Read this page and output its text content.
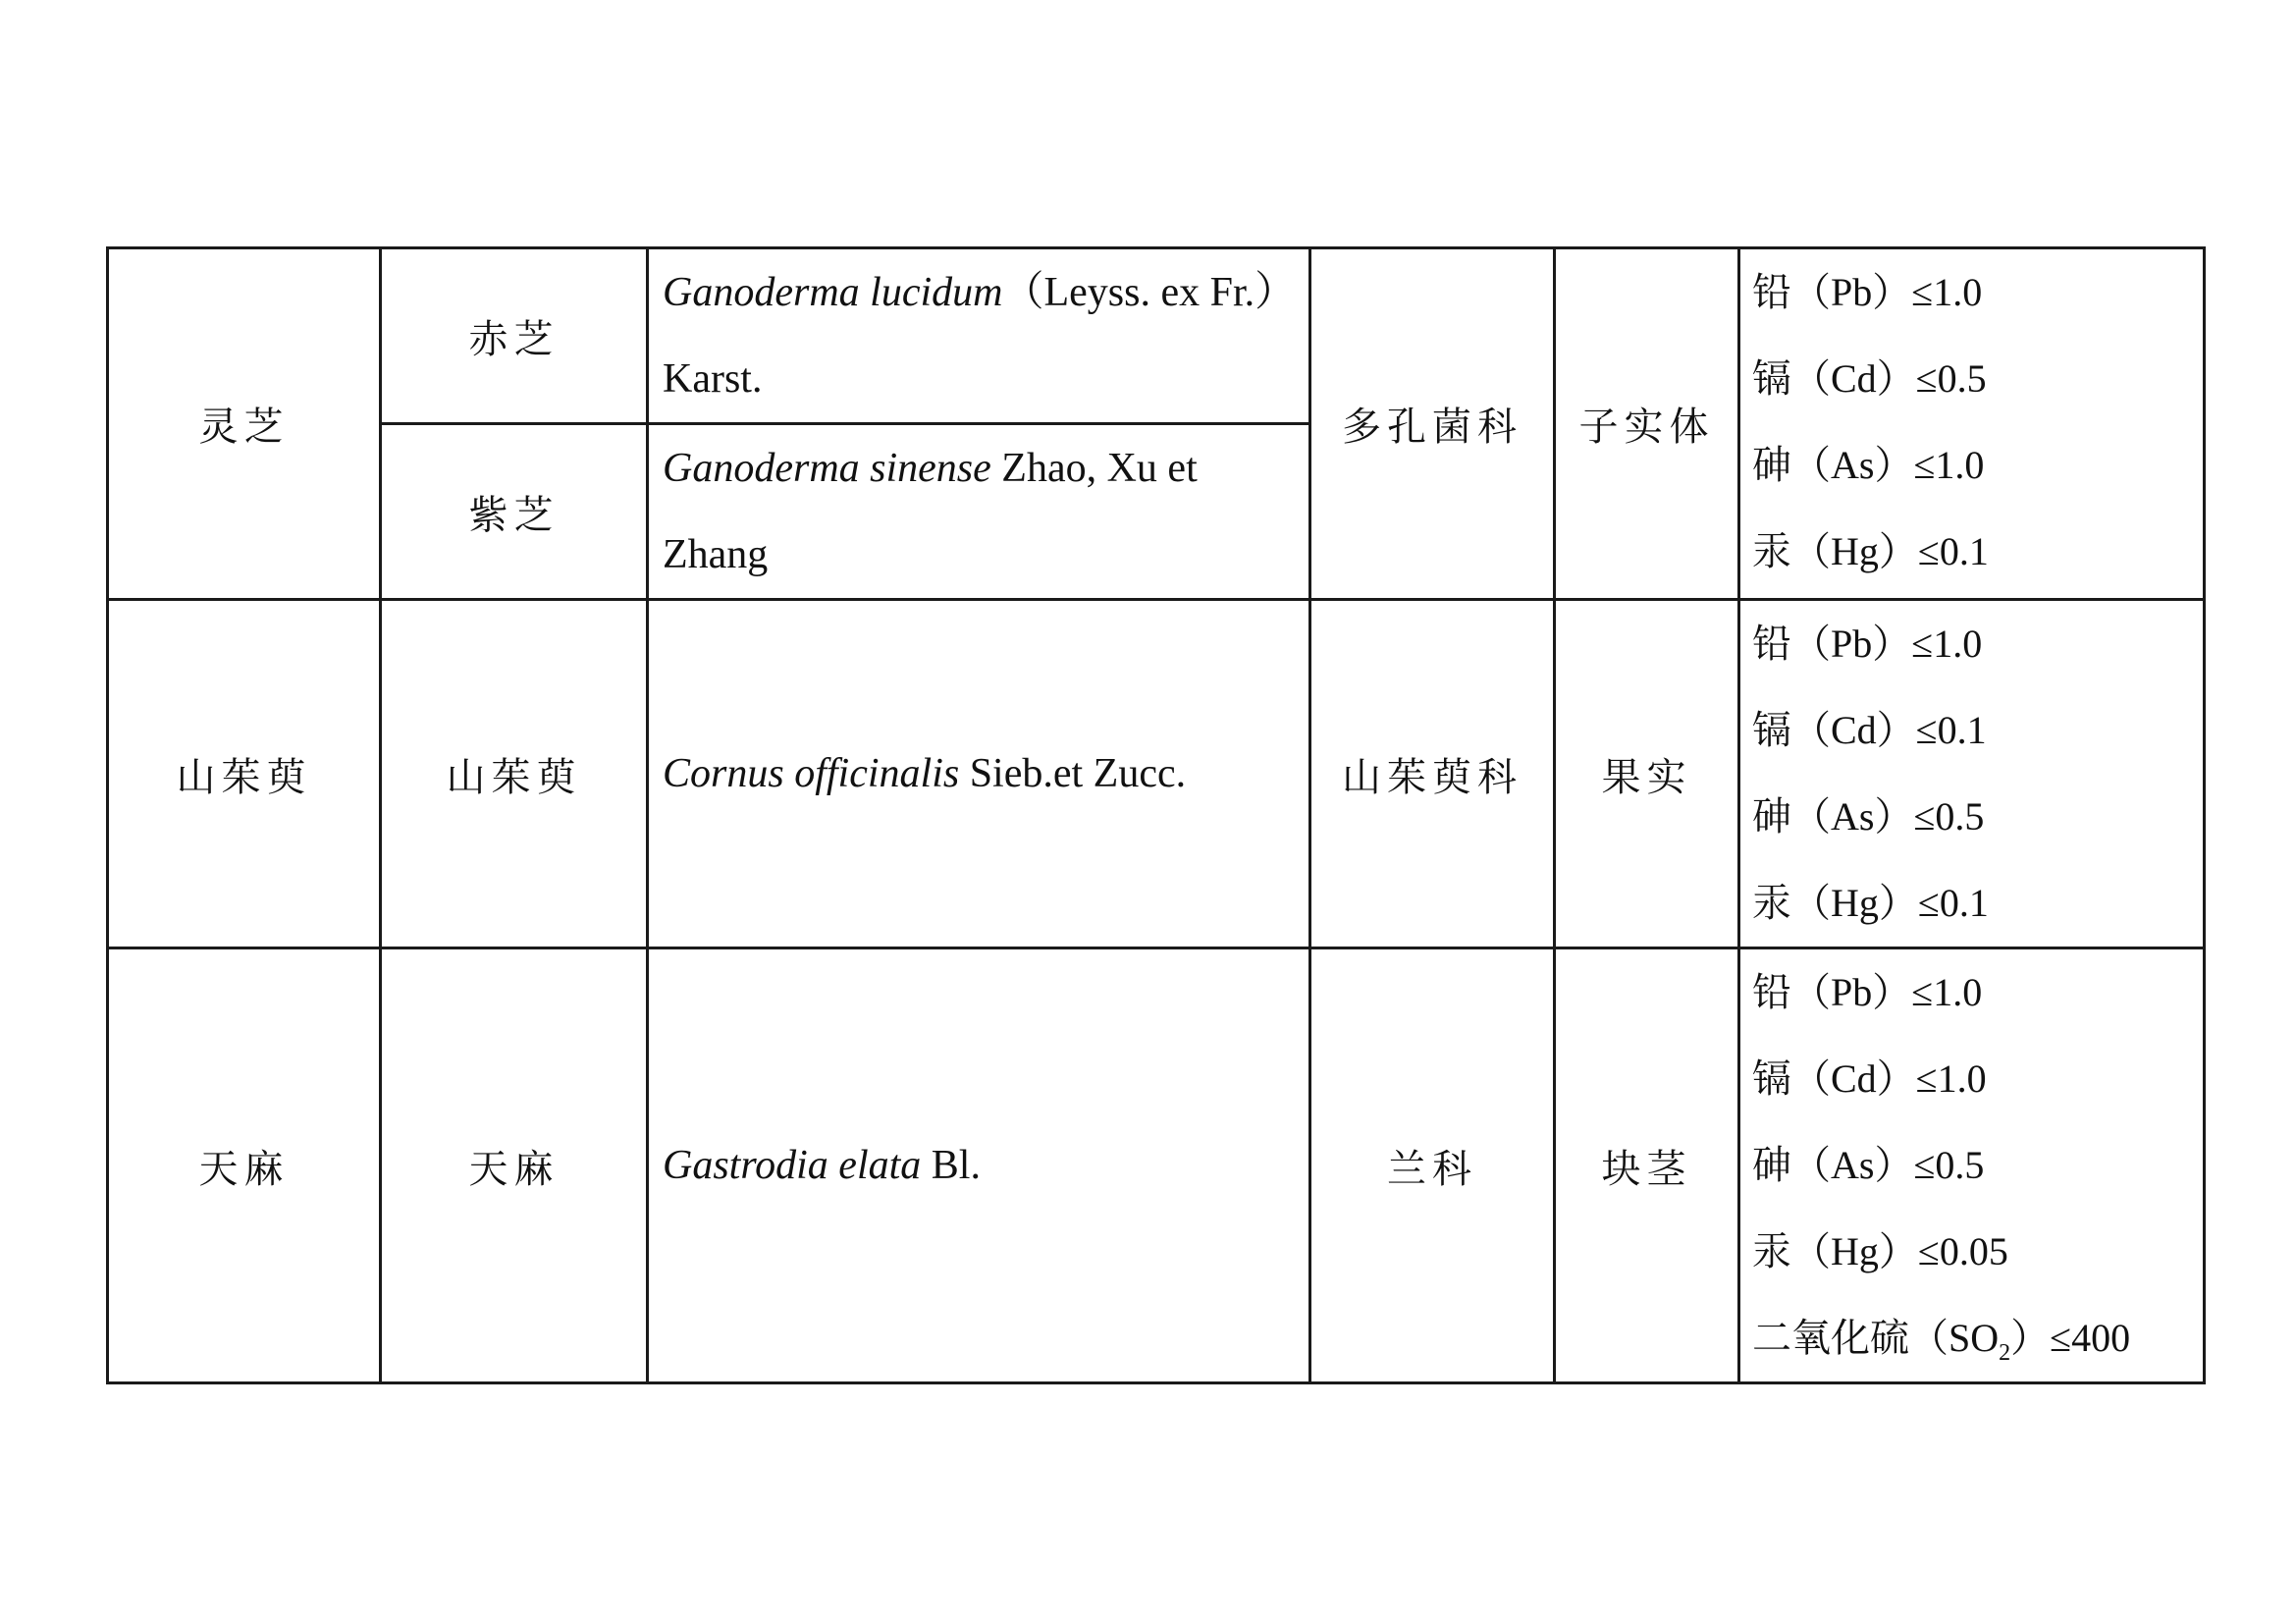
灵芝	赤芝	Ganoderma lucidum（Leyss. ex Fr.）Karst.	多孔菌科	子实体	铅（Pb）≤1.0
镉（Cd）≤0.5
砷（As）≤1.0
汞（Hg）≤0.1

	紫芝	Ganoderma sinense Zhao, Xu et Zhang			
山茱萸	山茱萸	Cornus officinalis Sieb.et Zucc.	山茱萸科	果实	铅（Pb）≤1.0
镉（Cd）≤0.1
砷（As）≤0.5
汞（Hg）≤0.1

天麻	天麻	Gastrodia elata Bl.	兰科	块茎	铅（Pb）≤1.0
镉（Cd）≤1.0
砷（As）≤0.5
汞（Hg）≤0.05
二氧化硫$(SO_2)\le 400$
